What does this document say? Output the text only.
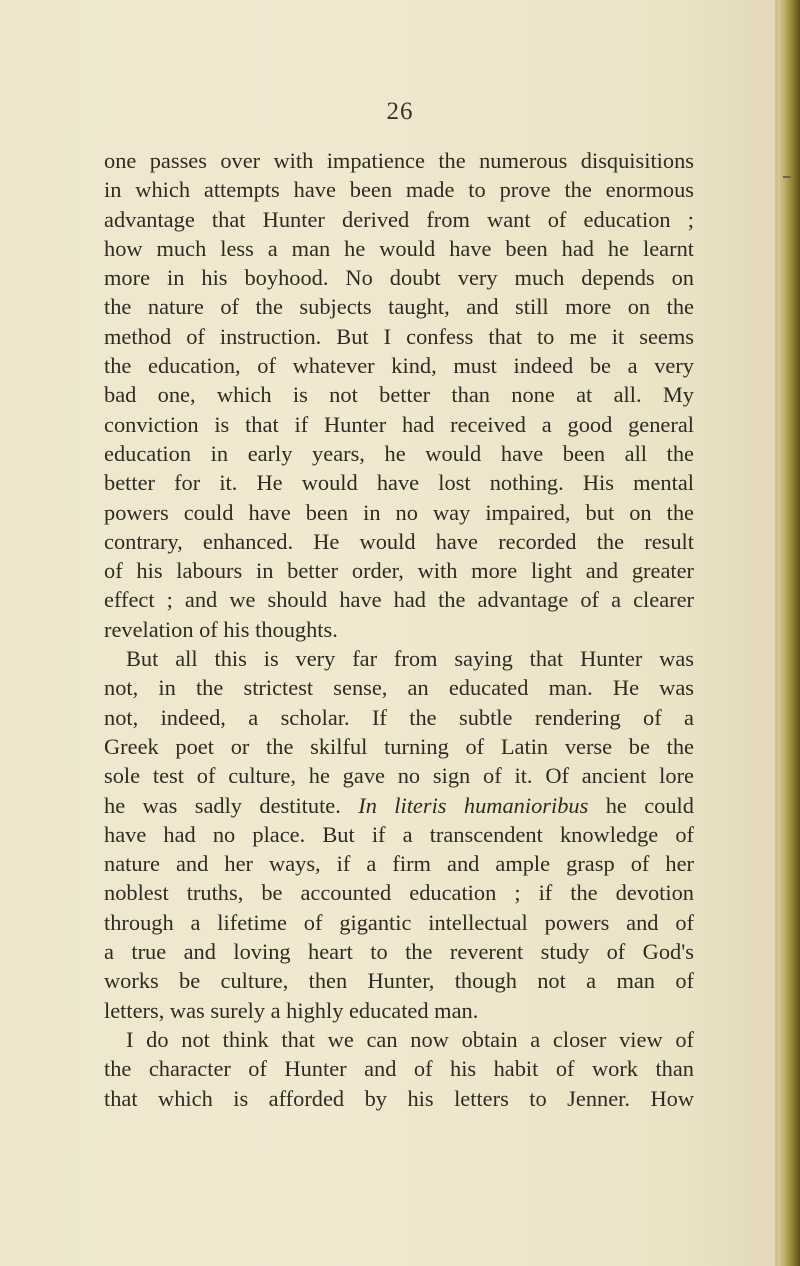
26
one passes over with impatience the numerous disquisitions
in which attempts have been made to prove the enormous
advantage that Hunter derived from want of education ;
how much less a man he would have been had he learnt
more in his boyhood. No doubt very much depends on
the nature of the subjects taught, and still more on the
method of instruction. But I confess that to me it seems
the education, of whatever kind, must indeed be a very
bad one, which is not better than none at all. My
conviction is that if Hunter had received a good general
education in early years, he would have been all the
better for it. He would have lost nothing. His mental
powers could have been in no way impaired, but on the
contrary, enhanced. He would have recorded the result
of his labours in better order, with more light and greater
effect ; and we should have had the advantage of a clearer
revelation of his thoughts.
But all this is very far from saying that Hunter was
not, in the strictest sense, an educated man. He was
not, indeed, a scholar. If the subtle rendering of a
Greek poet or the skilful turning of Latin verse be the
sole test of culture, he gave no sign of it. Of ancient lore
he was sadly destitute. In literis humanioribus he could
have had no place. But if a transcendent knowledge of
nature and her ways, if a firm and ample grasp of her
noblest truths, be accounted education ; if the devotion
through a lifetime of gigantic intellectual powers and of
a true and loving heart to the reverent study of God's
works be culture, then Hunter, though not a man of
letters, was surely a highly educated man.
I do not think that we can now obtain a closer view of
the character of Hunter and of his habit of work than
that which is afforded by his letters to Jenner. How
